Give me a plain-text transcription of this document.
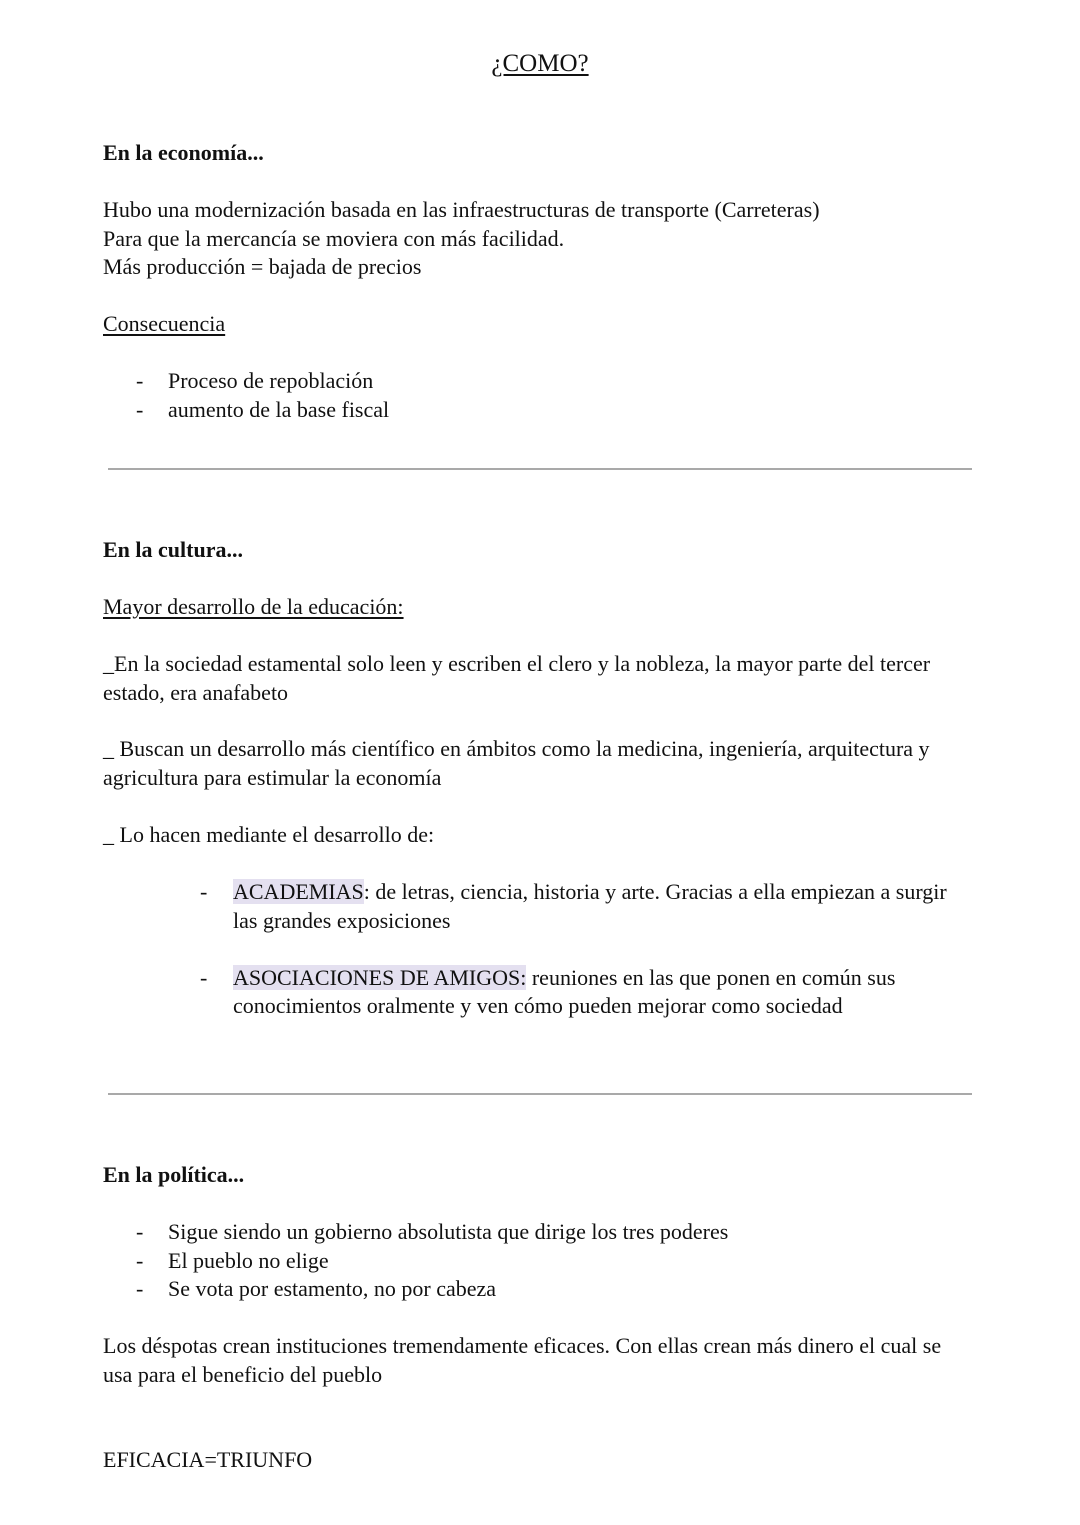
¿COMO?
En la economía...
Hubo una modernización basada en las infraestructuras de transporte (Carreteras)
Para que la mercancía se moviera con más facilidad.
Más producción = bajada de precios
Consecuencia
- Proceso de repoblación
- aumento de la base fiscal
En la cultura...
Mayor desarrollo de la educación:
_En la sociedad estamental solo leen y escriben el clero y la nobleza, la mayor parte del tercer estado, era anafabeto
_ Buscan un desarrollo más científico en ámbitos como la medicina, ingeniería, arquitectura y agricultura para estimular la economía
_ Lo hacen mediante el desarrollo de:
- ACADEMIAS: de letras, ciencia, historia y arte. Gracias a ella empiezan a surgir las grandes exposiciones
- ASOCIACIONES DE AMIGOS: reuniones en las que ponen en común sus conocimientos oralmente y ven cómo pueden mejorar como sociedad
En la política...
- Sigue siendo un gobierno absolutista que dirige los tres poderes
- El pueblo no elige
- Se vota por estamento, no por cabeza
Los déspotas crean instituciones tremendamente eficaces. Con ellas crean más dinero el cual se usa para el beneficio del pueblo
EFICACIA=TRIUNFO
